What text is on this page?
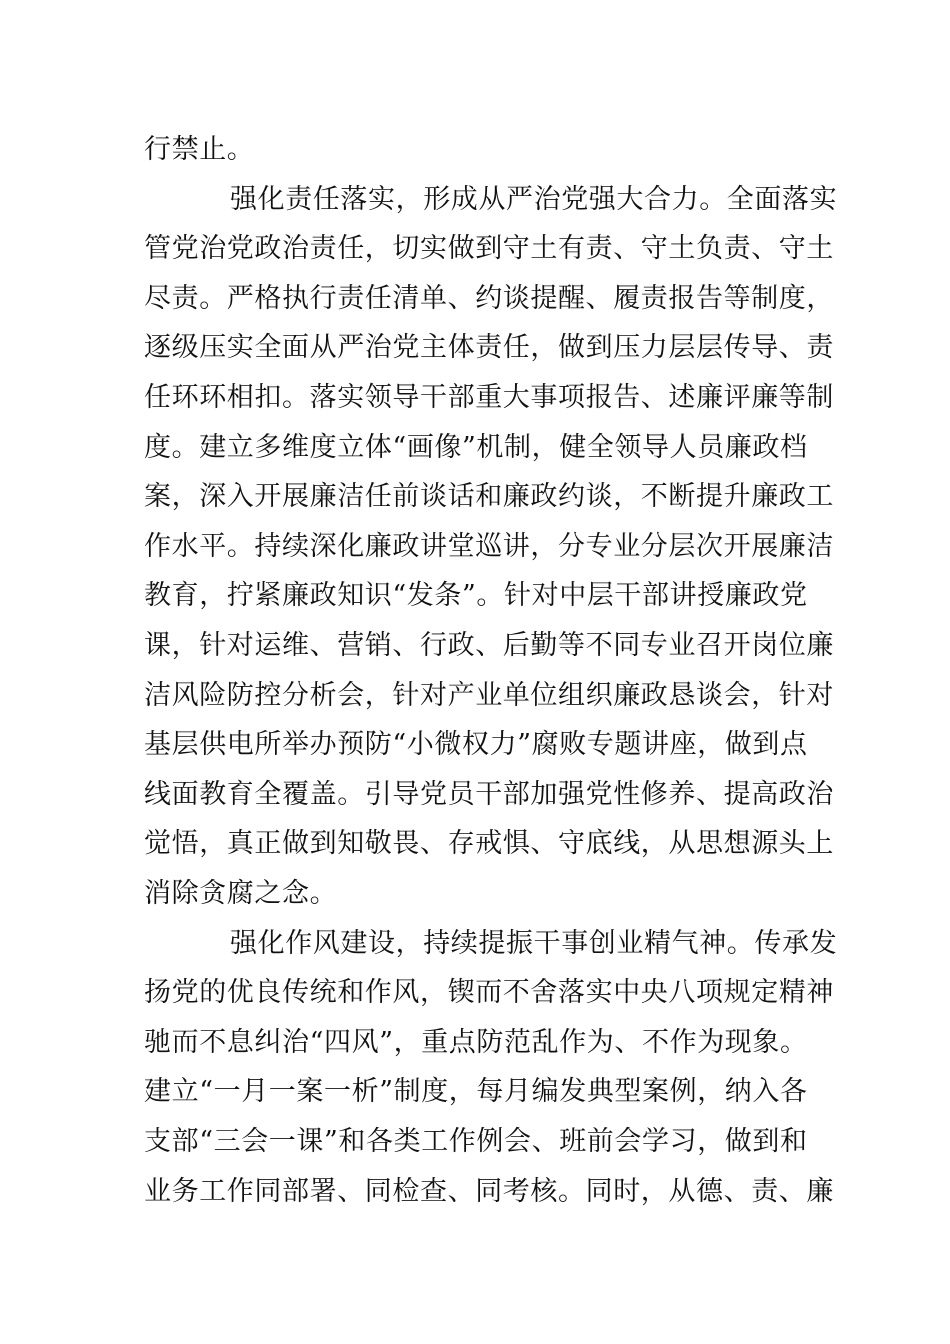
行禁止。
强化责任落实，形成从严治党强大合力。全面落实
管党治党政治责任，切实做到守土有责、守土负责、守土
尽责。严格执行责任清单、约谈提醒、履责报告等制度，
逐级压实全面从严治党主体责任，做到压力层层传导、责
任环环相扣。落实领导干部重大事项报告、述廉评廉等制
度。建立多维度立体“画像”机制，健全领导人员廉政档
案，深入开展廉洁任前谈话和廉政约谈，不断提升廉政工
作水平。持续深化廉政讲堂巡讲，分专业分层次开展廉洁
教育，拧紧廉政知识“发条”。针对中层干部讲授廉政党
课，针对运维、营销、行政、后勤等不同专业召开岗位廉
洁风险防控分析会，针对产业单位组织廉政恳谈会，针对
基层供电所举办预防“小微权力”腐败专题讲座，做到点
线面教育全覆盖。引导党员干部加强党性修养、提高政治
觉悟，真正做到知敬畏、存戒惧、守底线，从思想源头上
消除贪腐之念。
强化作风建设，持续提振干事创业精气神。传承发
扬党的优良传统和作风，锲而不舍落实中央八项规定精神
驰而不息纠治“四风”，重点防范乱作为、不作为现象。
建立“一月一案一析”制度，每月编发典型案例，纳入各
支部“三会一课”和各类工作例会、班前会学习，做到和
业务工作同部署、同检查、同考核。同时，从德、责、廉
